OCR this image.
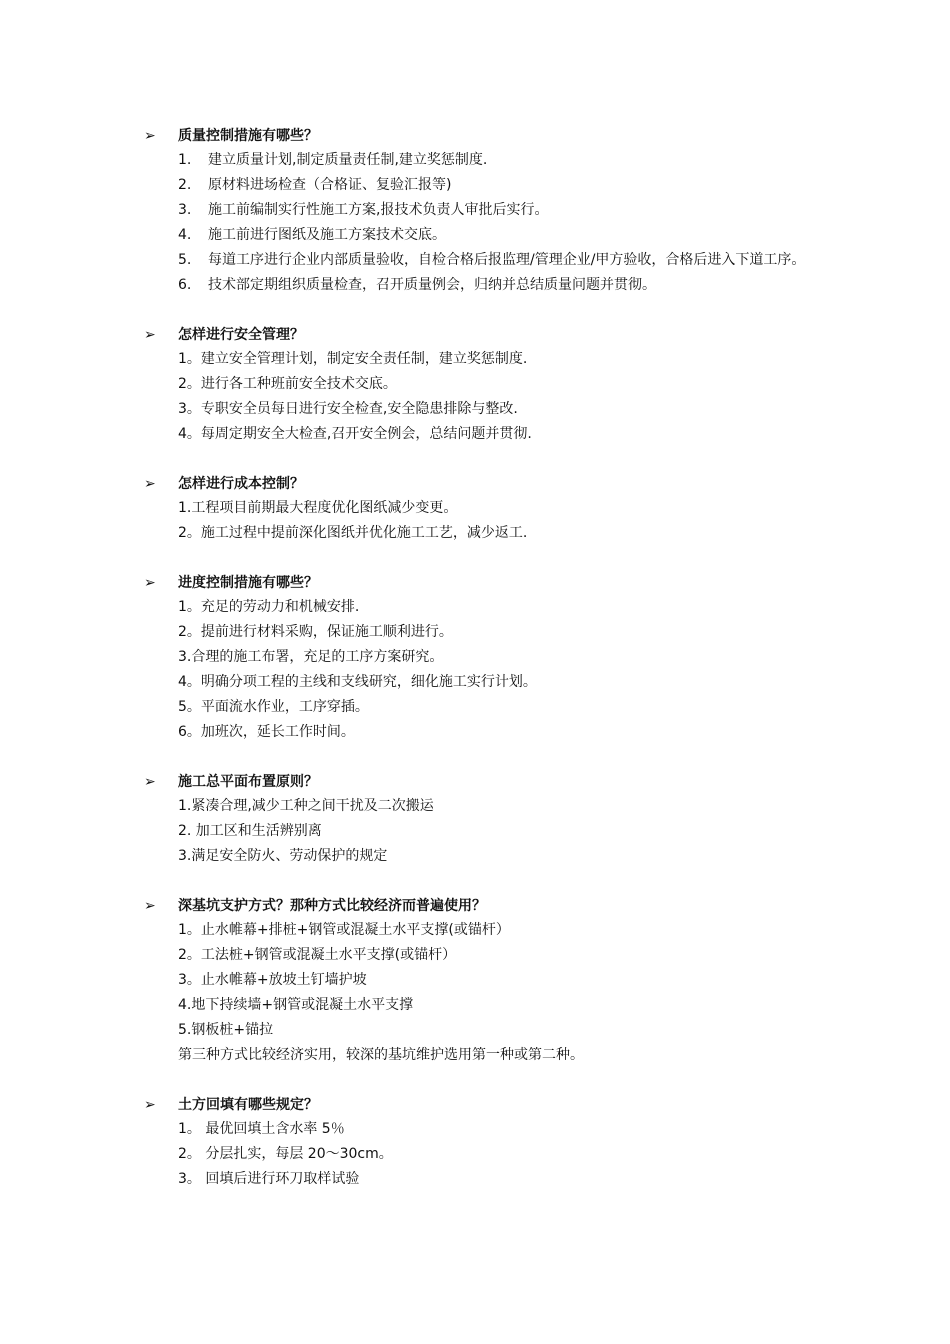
➢	质量控制措施有哪些？
1.	建立质量计划,制定质量责任制,建立奖惩制度.
2.	原材料进场检查（合格证、复验汇报等)
3.	施工前编制实行性施工方案,报技术负责人审批后实行。
4.	施工前进行图纸及施工方案技术交底。
5.	每道工序进行企业内部质量验收，自检合格后报监理/管理企业/甲方验收，合格后进入下道工序。
6.	技术部定期组织质量检查，召开质量例会，归纳并总结质量问题并贯彻。
➢	怎样进行安全管理？
1。建立安全管理计划，制定安全责任制，建立奖惩制度.
2。进行各工种班前安全技术交底。
3。专职安全员每日进行安全检查,安全隐患排除与整改.
4。每周定期安全大检查,召开安全例会，总结问题并贯彻.
➢	怎样进行成本控制？
1.工程项目前期最大程度优化图纸减少变更。
2。施工过程中提前深化图纸并优化施工工艺，减少返工.
➢	进度控制措施有哪些？
1。充足的劳动力和机械安排.
2。提前进行材料采购，保证施工顺利进行。
3.合理的施工布署，充足的工序方案研究。
4。明确分项工程的主线和支线研究，细化施工实行计划。
5。平面流水作业，工序穿插。
6。加班次，延长工作时间。
➢	施工总平面布置原则？
1.紧凑合理,减少工种之间干扰及二次搬运
2. 加工区和生活辨别离
3.满足安全防火、劳动保护的规定
➢	深基坑支护方式？那种方式比较经济而普遍使用？
1。止水帷幕+排桩+钢管或混凝土水平支撑(或锚杆）
2。工法桩+钢管或混凝土水平支撑(或锚杆）
3。止水帷幕+放坡土钉墙护坡
4.地下持续墙+钢管或混凝土水平支撑
5.钢板桩+锚拉
第三种方式比较经济实用，较深的基坑维护选用第一种或第二种。
➢	土方回填有哪些规定？
1。 最优回填土含水率 5％
2。 分层扎实，每层 20～30cm。
3。 回填后进行环刀取样试验
